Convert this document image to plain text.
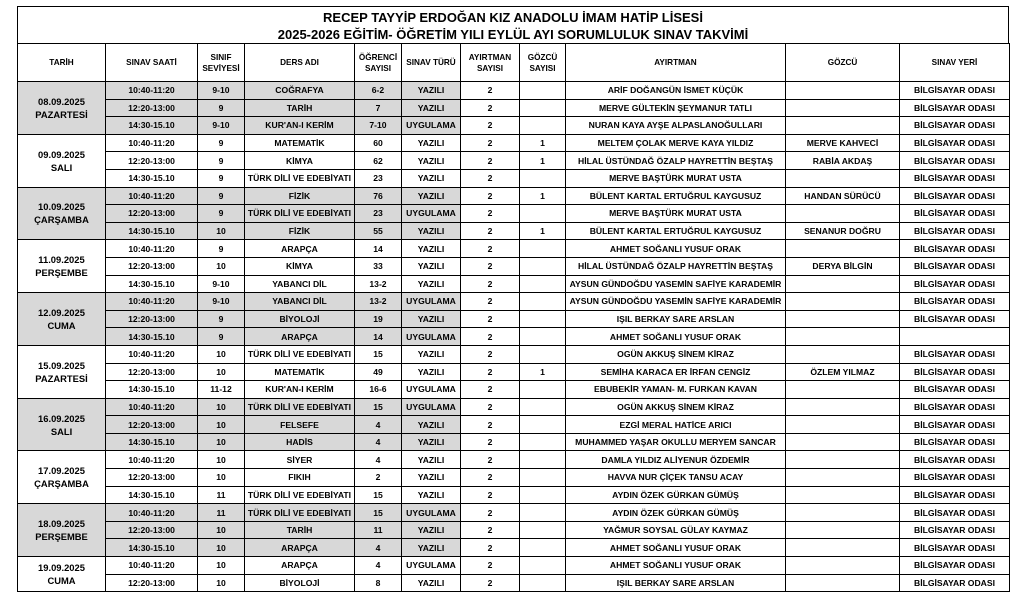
RECEP TAYYİP ERDOĞAN KIZ ANADOLU İMAM HATİP LİSESİ
2025-2026 EĞİTİM- ÖĞRETİM YILI EYLÜL AYI SORUMLULUK SINAV TAKVİMİ
TARİH	SINAV SAATİ	SINIF SEVİYESİ	DERS ADI	ÖĞRENCİ SAYISI	SINAV TÜRÜ	AYIRTMAN SAYISI	GÖZCÜ SAYISI	AYIRTMAN	GÖZCÜ	SINAV YERİ

08.09.2025
PAZARTESİ	10:40-11:20	9-10	COĞRAFYA	6-2	YAZILI	2		ARİF DOĞANGÜN İSMET KÜÇÜK		BİLGİSAYAR ODASI
	12:20-13:00	9	TARİH	7	YAZILI	2		MERVE GÜLTEKİN ŞEYMANUR TATLI		BİLGİSAYAR ODASI
	14:30-15.10	9-10	KUR'AN-I KERİM	7-10	UYGULAMA	2		NURAN KAYA AYŞE ALPASLANOĞULLARI		BİLGİSAYAR ODASI

09.09.2025
SALI	10:40-11:20	9	MATEMATİK	60	YAZILI	2	1	MELTEM ÇOLAK MERVE KAYA YILDIZ	MERVE KAHVECİ	BİLGİSAYAR ODASI
	12:20-13:00	9	KİMYA	62	YAZILI	2	1	HİLAL ÜSTÜNDAĞ ÖZALP HAYRETTİN BEŞTAŞ	RABİA AKDAŞ	BİLGİSAYAR ODASI
	14:30-15.10	9	TÜRK DİLİ VE EDEBİYATI	23	YAZILI	2		MERVE BAŞTÜRK MURAT USTA		BİLGİSAYAR ODASI

10.09.2025
ÇARŞAMBA	10:40-11:20	9	FİZİK	76	YAZILI	2	1	BÜLENT KARTAL ERTUĞRUL KAYGUSUZ	HANDAN SÜRÜCÜ	BİLGİSAYAR ODASI
	12:20-13:00	9	TÜRK DİLİ VE EDEBİYATI	23	UYGULAMA	2		MERVE BAŞTÜRK MURAT USTA		BİLGİSAYAR ODASI
	14:30-15.10	10	FİZİK	55	YAZILI	2	1	BÜLENT KARTAL ERTUĞRUL KAYGUSUZ	SENANUR DOĞRU	BİLGİSAYAR ODASI

11.09.2025
PERŞEMBE	10:40-11:20	9	ARAPÇA	14	YAZILI	2		AHMET SOĞANLI YUSUF ORAK		BİLGİSAYAR ODASI
	12:20-13:00	10	KİMYA	33	YAZILI	2		HİLAL ÜSTÜNDAĞ ÖZALP HAYRETTİN BEŞTAŞ	DERYA BİLGİN	BİLGİSAYAR ODASI
	14:30-15.10	9-10	YABANCI DİL	13-2	YAZILI	2		AYSUN GÜNDOĞDU YASEMİN SAFİYE KARADEMİR		BİLGİSAYAR ODASI

12.09.2025
CUMA	10:40-11:20	9-10	YABANCI DİL	13-2	UYGULAMA	2		AYSUN GÜNDOĞDU YASEMİN SAFİYE KARADEMİR		BİLGİSAYAR ODASI
	12:20-13:00	9	BİYOLOJİ	19	YAZILI	2		IŞIL BERKAY SARE ARSLAN		BİLGİSAYAR ODASI
	14:30-15.10	9	ARAPÇA	14	UYGULAMA	2		AHMET SOĞANLI YUSUF ORAK		

15.09.2025
PAZARTESİ	10:40-11:20	10	TÜRK DİLİ VE EDEBİYATI	15	YAZILI	2		OGÜN AKKUŞ SİNEM KİRAZ		BİLGİSAYAR ODASI
	12:20-13:00	10	MATEMATİK	49	YAZILI	2	1	SEMİHA KARACA ER İRFAN CENGİZ	ÖZLEM YILMAZ	BİLGİSAYAR ODASI
	14:30-15.10	11-12	KUR'AN-I KERİM	16-6	UYGULAMA	2		EBUBEKİR YAMAN- M. FURKAN KAVAN		BİLGİSAYAR ODASI

16.09.2025
SALI	10:40-11:20	10	TÜRK DİLİ VE EDEBİYATI	15	UYGULAMA	2		OGÜN AKKUŞ SİNEM KİRAZ		BİLGİSAYAR ODASI
	12:20-13:00	10	FELSEFE	4	YAZILI	2		EZGİ MERAL HATİCE ARICI		BİLGİSAYAR ODASI
	14:30-15.10	10	HADİS	4	YAZILI	2		MUHAMMED YAŞAR OKULLU MERYEM SANCAR		BİLGİSAYAR ODASI

17.09.2025
ÇARŞAMBA	10:40-11:20	10	SİYER	4	YAZILI	2		DAMLA YILDIZ ALİYENUR ÖZDEMİR		BİLGİSAYAR ODASI
	12:20-13:00	10	FIKIH	2	YAZILI	2		HAVVA NUR ÇİÇEK TANSU ACAY		BİLGİSAYAR ODASI
	14:30-15.10	11	TÜRK DİLİ VE EDEBİYATI	15	YAZILI	2		AYDIN ÖZEK GÜRKAN GÜMÜŞ		BİLGİSAYAR ODASI

18.09.2025
PERŞEMBE	10:40-11:20	11	TÜRK DİLİ VE EDEBİYATI	15	UYGULAMA	2		AYDIN ÖZEK GÜRKAN GÜMÜŞ		BİLGİSAYAR ODASI
	12:20-13:00	10	TARİH	11	YAZILI	2		YAĞMUR SOYSAL GÜLAY KAYMAZ		BİLGİSAYAR ODASI
	14:30-15.10	10	ARAPÇA	4	YAZILI	2		AHMET SOĞANLI YUSUF ORAK		BİLGİSAYAR ODASI

19.09.2025
CUMA	10:40-11:20	10	ARAPÇA	4	UYGULAMA	2		AHMET SOĞANLI YUSUF ORAK		BİLGİSAYAR ODASI
	12:20-13:00	10	BİYOLOJİ	8	YAZILI	2		IŞIL BERKAY SARE ARSLAN		BİLGİSAYAR ODASI
